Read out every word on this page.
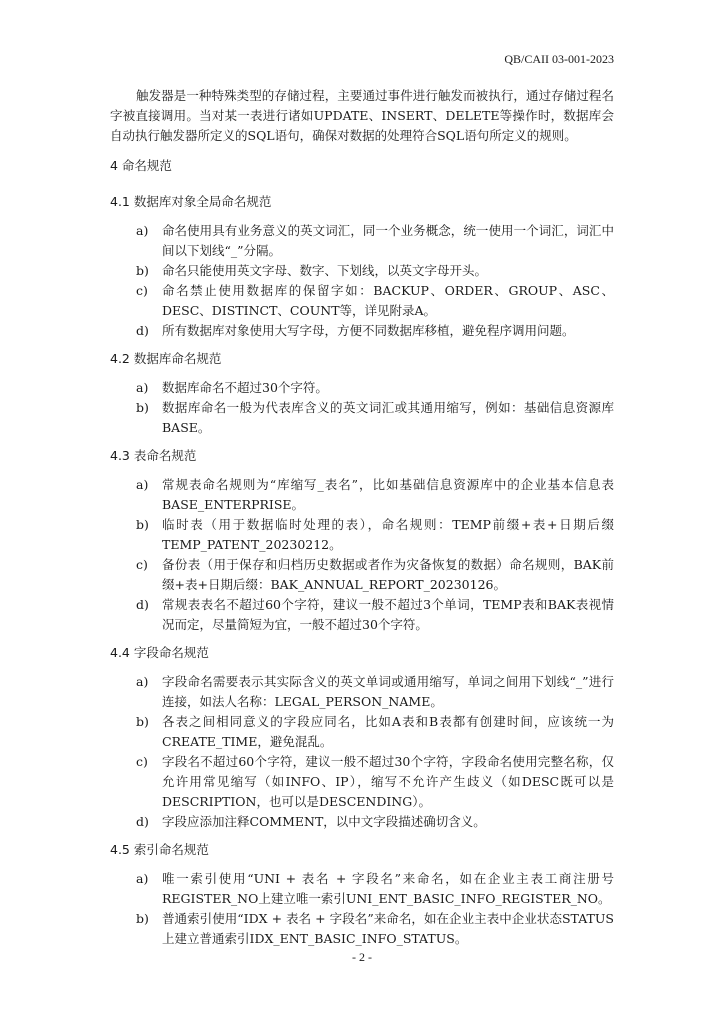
QB/CAII 03-001-2023

触发器是一种特殊类型的存储过程，主要通过事件进行触发而被执行，通过存储过程名字被直接调用。当对某一表进行诸如UPDATE、INSERT、DELETE等操作时，数据库会自动执行触发器所定义的SQL语句，确保对数据的处理符合SQL语句所定义的规则。

4 命名规范
4.1 数据库对象全局命名规范
a) 命名使用具有业务意义的英文词汇，同一个业务概念，统一使用一个词汇，词汇中间以下划线“_”分隔。
b) 命名只能使用英文字母、数字、下划线，以英文字母开头。
c) 命名禁止使用数据库的保留字如：BACKUP、ORDER、GROUP、ASC、DESC、DISTINCT、COUNT等，详见附录A。
d) 所有数据库对象使用大写字母，方便不同数据库移植，避免程序调用问题。
4.2 数据库命名规范
a) 数据库命名不超过30个字符。
b) 数据库命名一般为代表库含义的英文词汇或其通用缩写，例如：基础信息资源库BASE。
4.3 表命名规范
a) 常规表命名规则为“库缩写_表名”，比如基础信息资源库中的企业基本信息表BASE_ENTERPRISE。
b) 临时表（用于数据临时处理的表），命名规则：TEMP前缀+表+日期后缀TEMP_PATENT_20230212。
c) 备份表（用于保存和归档历史数据或者作为灾备恢复的数据）命名规则，BAK前缀+表+日期后缀：BAK_ANNUAL_REPORT_20230126。
d) 常规表表名不超过60个字符，建议一般不超过3个单词，TEMP表和BAK表视情况而定，尽量简短为宜，一般不超过30个字符。
4.4 字段命名规范
a) 字段命名需要表示其实际含义的英文单词或通用缩写，单词之间用下划线“_”进行连接，如法人名称：LEGAL_PERSON_NAME。
b) 各表之间相同意义的字段应同名，比如A表和B表都有创建时间，应该统一为CREATE_TIME，避免混乱。
c) 字段名不超过60个字符，建议一般不超过30个字符，字段命名使用完整名称，仅允许用常见缩写（如INFO、IP），缩写不允许产生歧义（如DESC既可以是DESCRIPTION，也可以是DESCENDING）。
d) 字段应添加注释COMMENT，以中文字段描述确切含义。
4.5 索引命名规范
a) 唯一索引使用“UNI + 表名 + 字段名”来命名，如在企业主表工商注册号REGISTER_NO上建立唯一索引UNI_ENT_BASIC_INFO_REGISTER_NO。
b) 普通索引使用“IDX + 表名 + 字段名”来命名，如在企业主表中企业状态STATUS上建立普通索引IDX_ENT_BASIC_INFO_STATUS。
- 2 -
